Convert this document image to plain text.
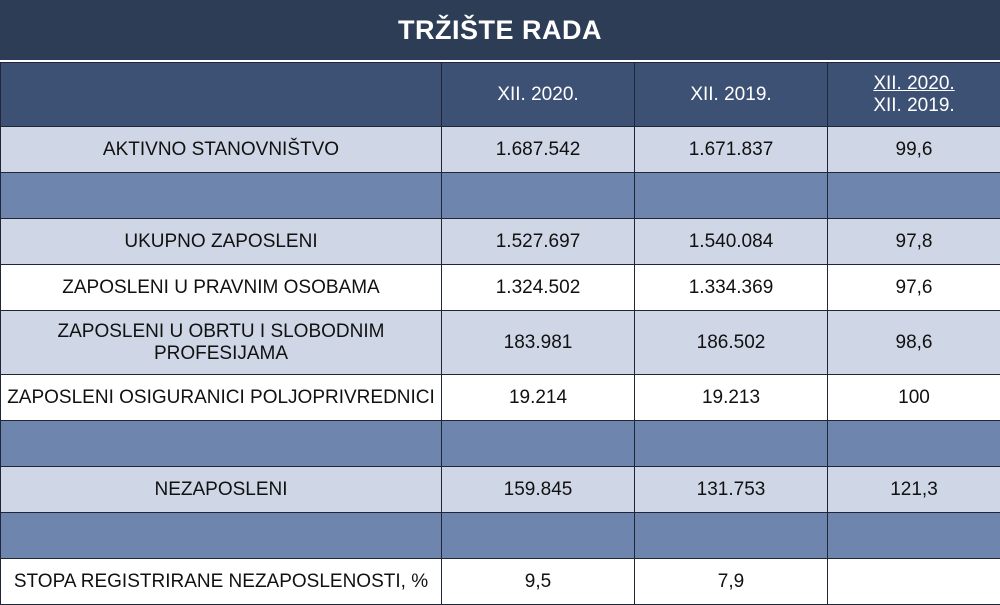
TRŽIŠTE RADA
	XII. 2020.	XII. 2019.	XII. 2020.
XII. 2019.

AKTIVNO STANOVNIŠTVO	1.687.542	1.671.837	99,6

UKUPNO ZAPOSLENI	1.527.697	1.540.084	97,8
ZAPOSLENI U PRAVNIM OSOBAMA	1.324.502	1.334.369	97,6
ZAPOSLENI U OBRTU I SLOBODNIM PROFESIJAMA	183.981	186.502	98,6
ZAPOSLENI OSIGURANICI POLJOPRIVREDNICI	19.214	19.213	100

NEZAPOSLENI	159.845	131.753	121,3

STOPA REGISTRIRANE NEZAPOSLENOSTI, %	9,5	7,9	
